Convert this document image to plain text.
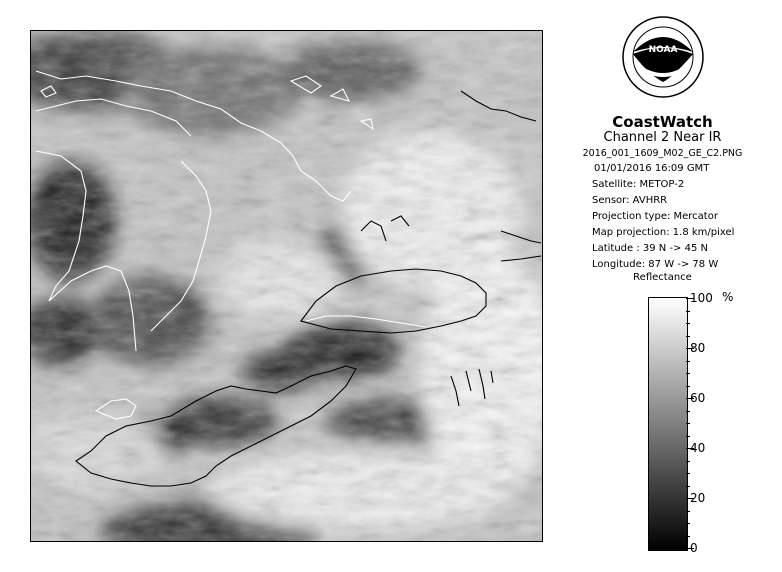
NOAA
CoastWatch
Channel 2 Near IR
2016_001_1609_M02_GE_C2.PNG
01/01/2016 16:09 GMT
Satellite: METOP-2
Sensor: AVHRR
Projection type: Mercator
Map projection: 1.8 km/pixel
Latitude : 39 N -> 45 N
Longitude: 87 W -> 78 W
Reflectance
%
100
80
60
40
20
0
